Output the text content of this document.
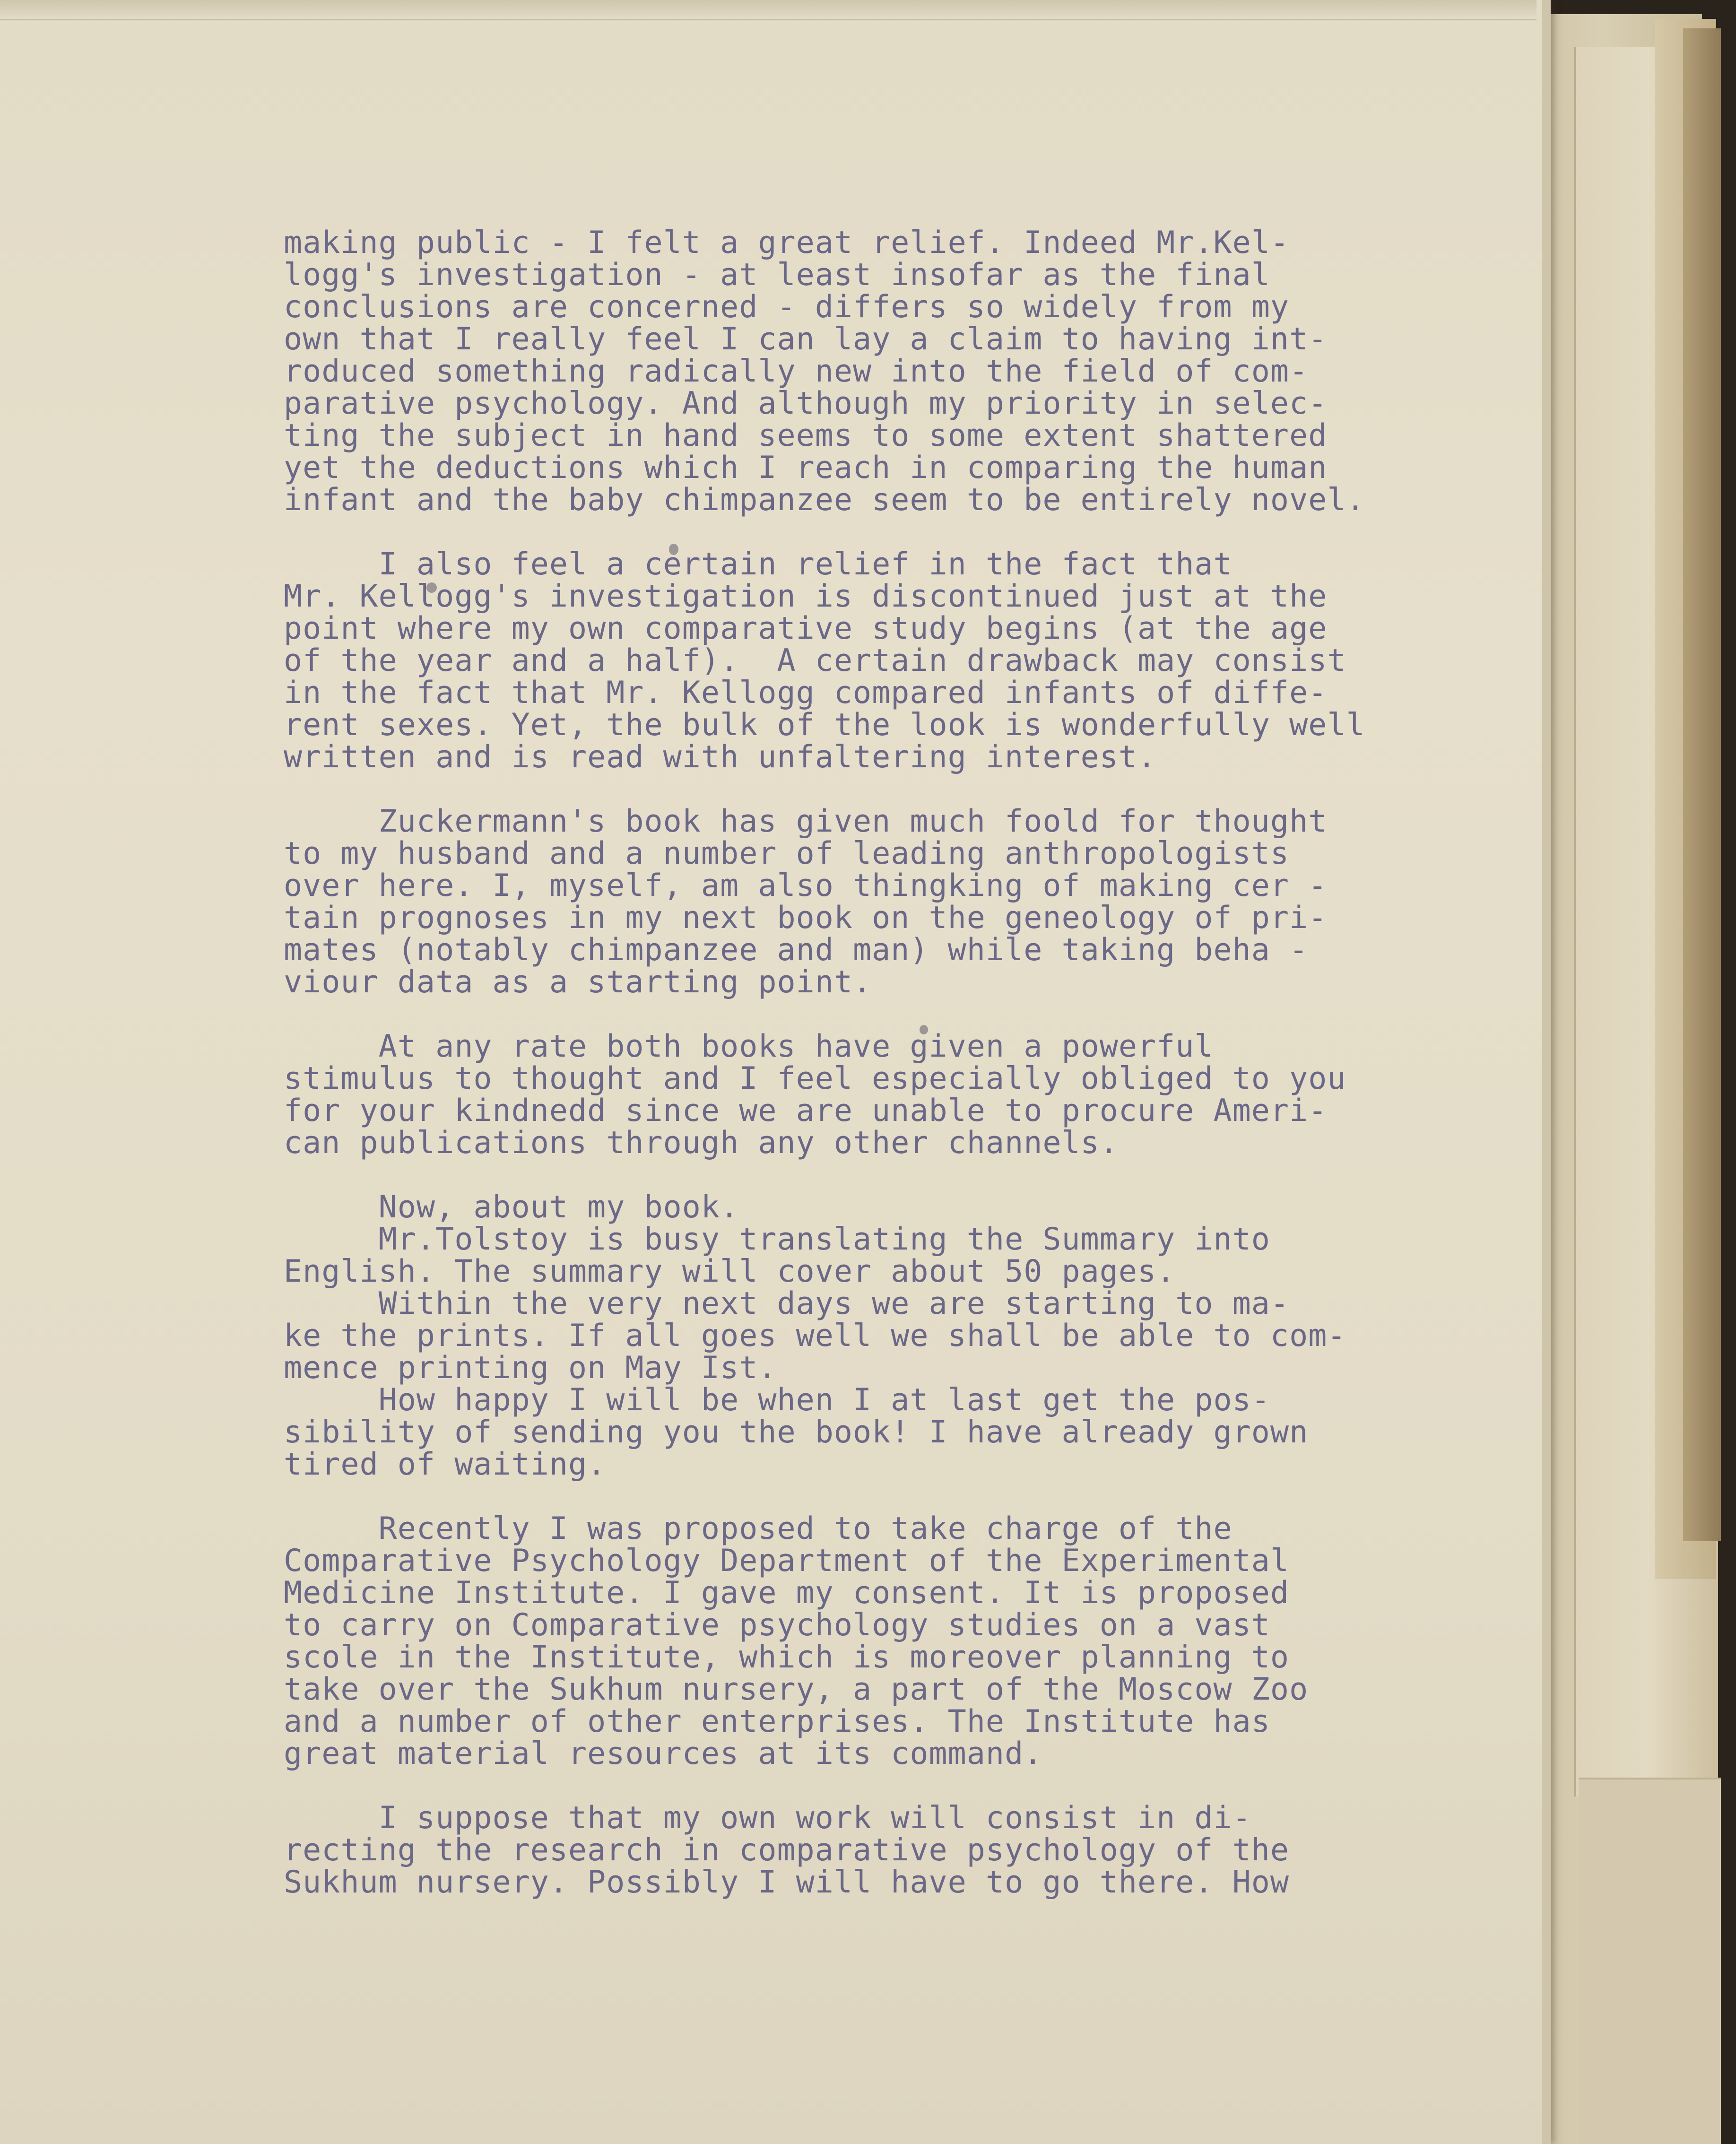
making public - I felt a great relief. Indeed Mr.Kel-
logg's investigation - at least insofar as the final
conclusions are concerned - differs so widely from my
own that I really feel I can lay a claim to having int-
roduced something radically new into the field of com-
parative psychology. And although my priority in selec-
ting the subject in hand seems to some extent shattered
yet the deductions which I reach in comparing the human
infant and the baby chimpanzee seem to be entirely novel.
I also feel a certain relief in the fact that
Mr. Kellogg's investigation is discontinued just at the
point where my own comparative study begins (at the age
of the year and a half).  A certain drawback may consist
in the fact that Mr. Kellogg compared infants of diffe-
rent sexes. Yet, the bulk of the look is wonderfully well
written and is read with unfaltering interest.
Zuckermann's book has given much foold for thought
to my husband and a number of leading anthropologists
over here. I, myself, am also thingking of making cer -
tain prognoses in my next book on the geneology of pri-
mates (notably chimpanzee and man) while taking beha -
viour data as a starting point.
At any rate both books have given a powerful
stimulus to thought and I feel especially obliged to you
for your kindnedd since we are unable to procure Ameri-
can publications through any other channels.
Now, about my book.
Mr.Tolstoy is busy translating the Summary into
English. The summary will cover about 50 pages.
Within the very next days we are starting to ma-
ke the prints. If all goes well we shall be able to com-
mence printing on May Ist.
How happy I will be when I at last get the pos-
sibility of sending you the book! I have already grown
tired of waiting.
Recently I was proposed to take charge of the
Comparative Psychology Department of the Experimental
Medicine Institute. I gave my consent. It is proposed
to carry on Comparative psychology studies on a vast
scole in the Institute, which is moreover planning to
take over the Sukhum nursery, a part of the Moscow Zoo
and a number of other enterprises. The Institute has
great material resources at its command.
I suppose that my own work will consist in di-
recting the research in comparative psychology of the
Sukhum nursery. Possibly I will have to go there. How
